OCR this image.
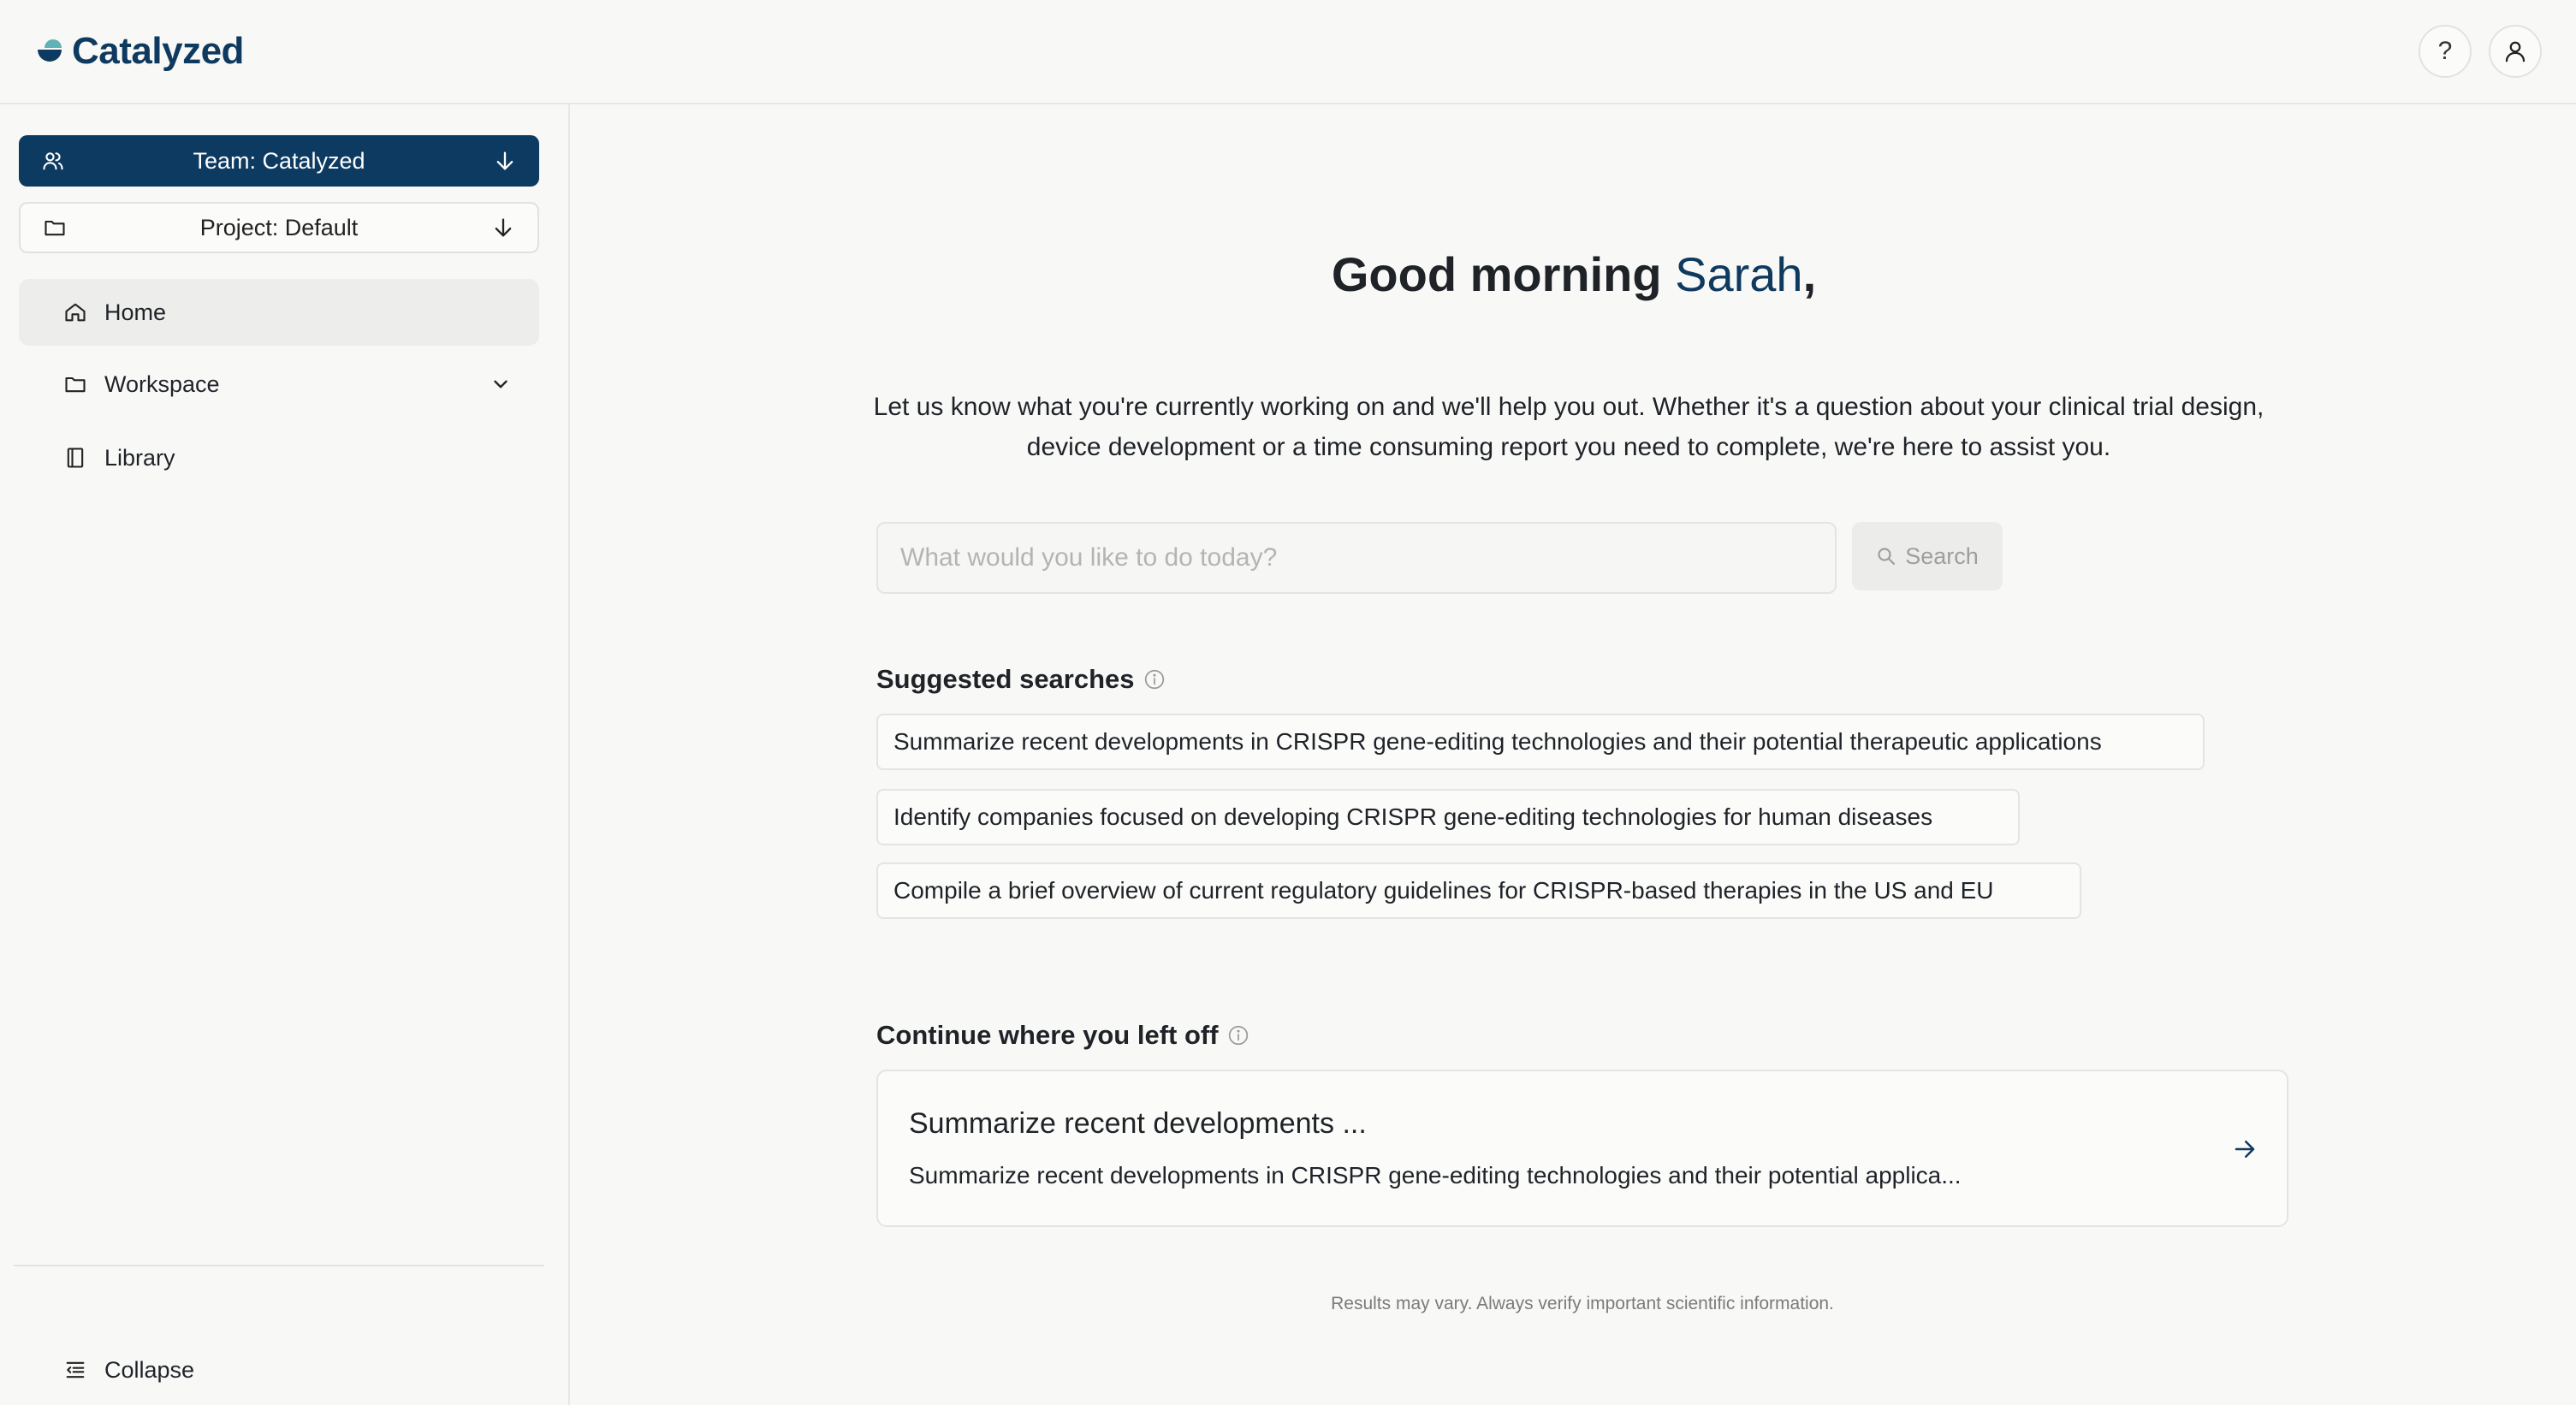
Catalyzed	?
Team: Catalyzed
Project: Default
Home
Workspace
Library
Collapse
Good morning Sarah,
Let us know what you're currently working on and we'll help you out. Whether it's a question about your clinical trial design, device development or a time consuming report you need to complete, we're here to assist you.
What would you like to do today?
Search
Suggested searches
Summarize recent developments in CRISPR gene-editing technologies and their potential therapeutic applications
Identify companies focused on developing CRISPR gene-editing technologies for human diseases
Compile a brief overview of current regulatory guidelines for CRISPR-based therapies in the US and EU
Continue where you left off
Summarize recent developments ...
Summarize recent developments in CRISPR gene-editing technologies and their potential applica...
Results may vary. Always verify important scientific information.
